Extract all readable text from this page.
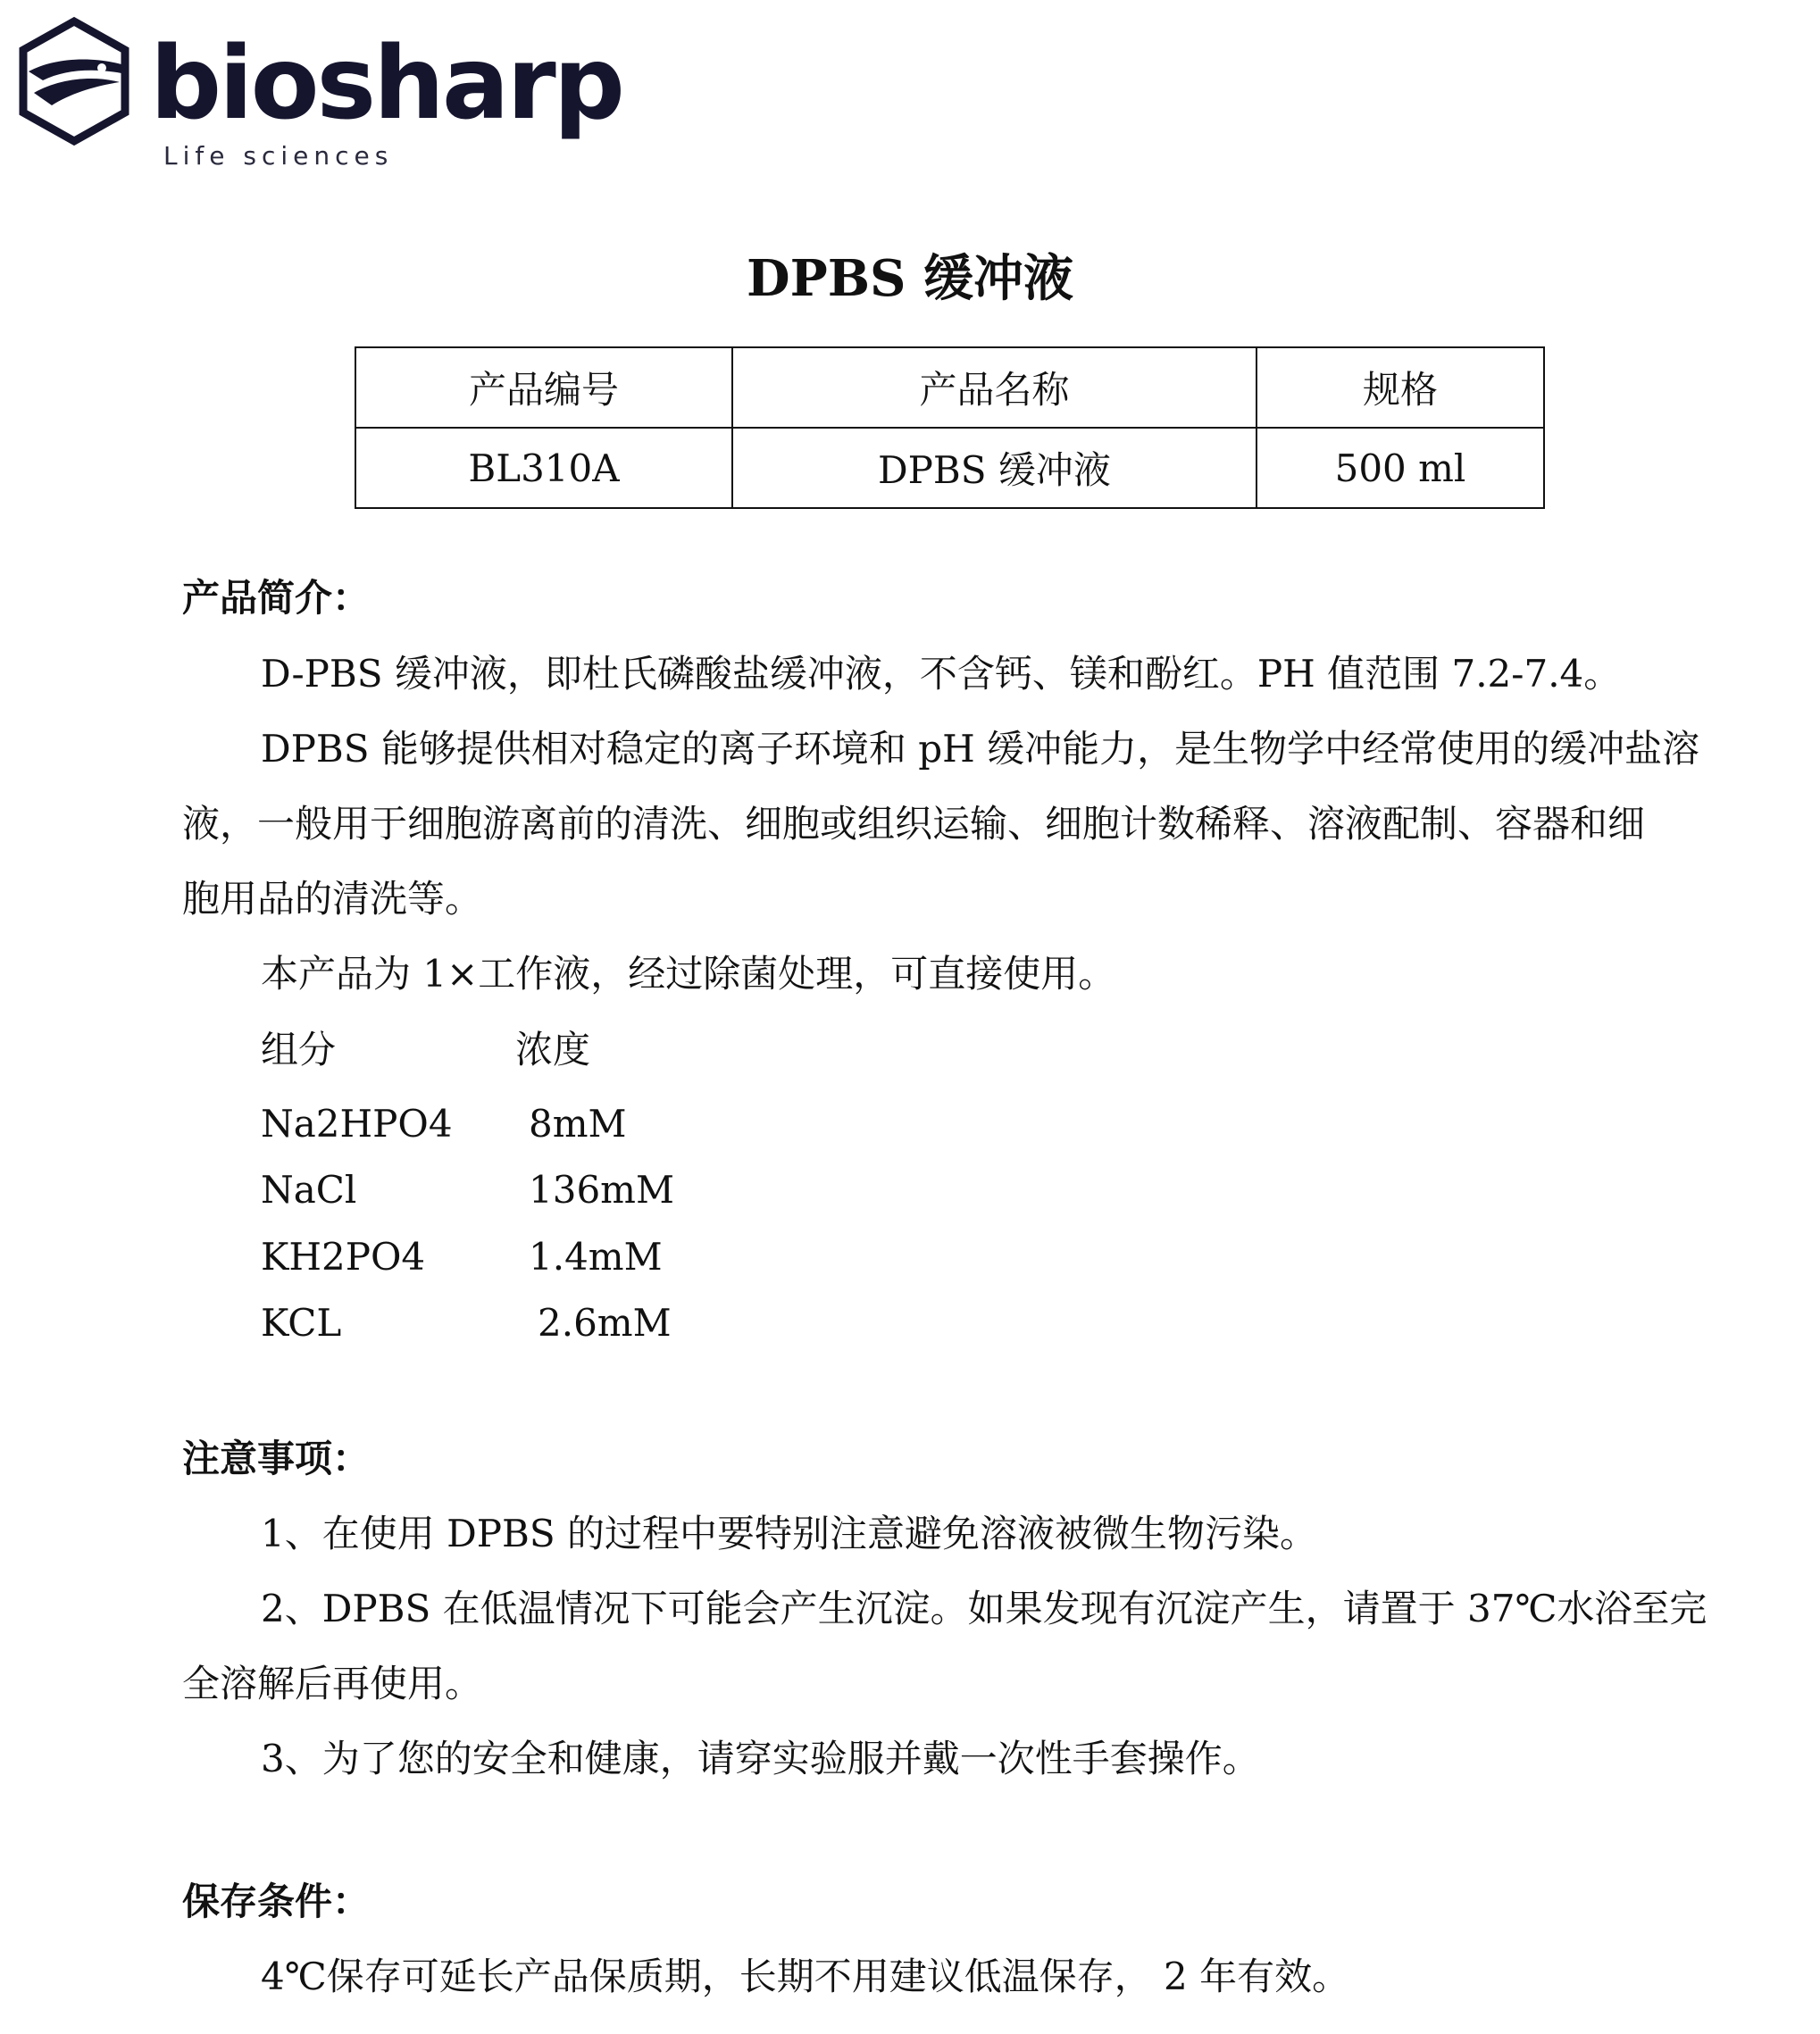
biosharp
Life sciences
DPBS 缓冲液
产品编号	产品名称	规格
BL310A	DPBS 缓冲液	500 ml
产品简介：
D-PBS 缓冲液，即杜氏磷酸盐缓冲液，不含钙、镁和酚红。PH 值范围 7.2-7.4。
DPBS 能够提供相对稳定的离子环境和 pH 缓冲能力，是生物学中经常使用的缓冲盐溶
液，一般用于细胞游离前的清洗、细胞或组织运输、细胞计数稀释、溶液配制、容器和细
胞用品的清洗等。
本产品为 1×工作液，经过除菌处理，可直接使用。
组分	浓度
Na2HPO4 8mM
NaCl	136mM
KH2PO4	1.4mM
KCL	2.6mM
注意事项：
1、在使用 DPBS 的过程中要特别注意避免溶液被微生物污染。
2、DPBS 在低温情况下可能会产生沉淀。如果发现有沉淀产生，请置于 37℃水浴至完
全溶解后再使用。
3、为了您的安全和健康，请穿实验服并戴一次性手套操作。
保存条件：
4℃保存可延长产品保质期，长期不用建议低温保存， 2 年有效。
